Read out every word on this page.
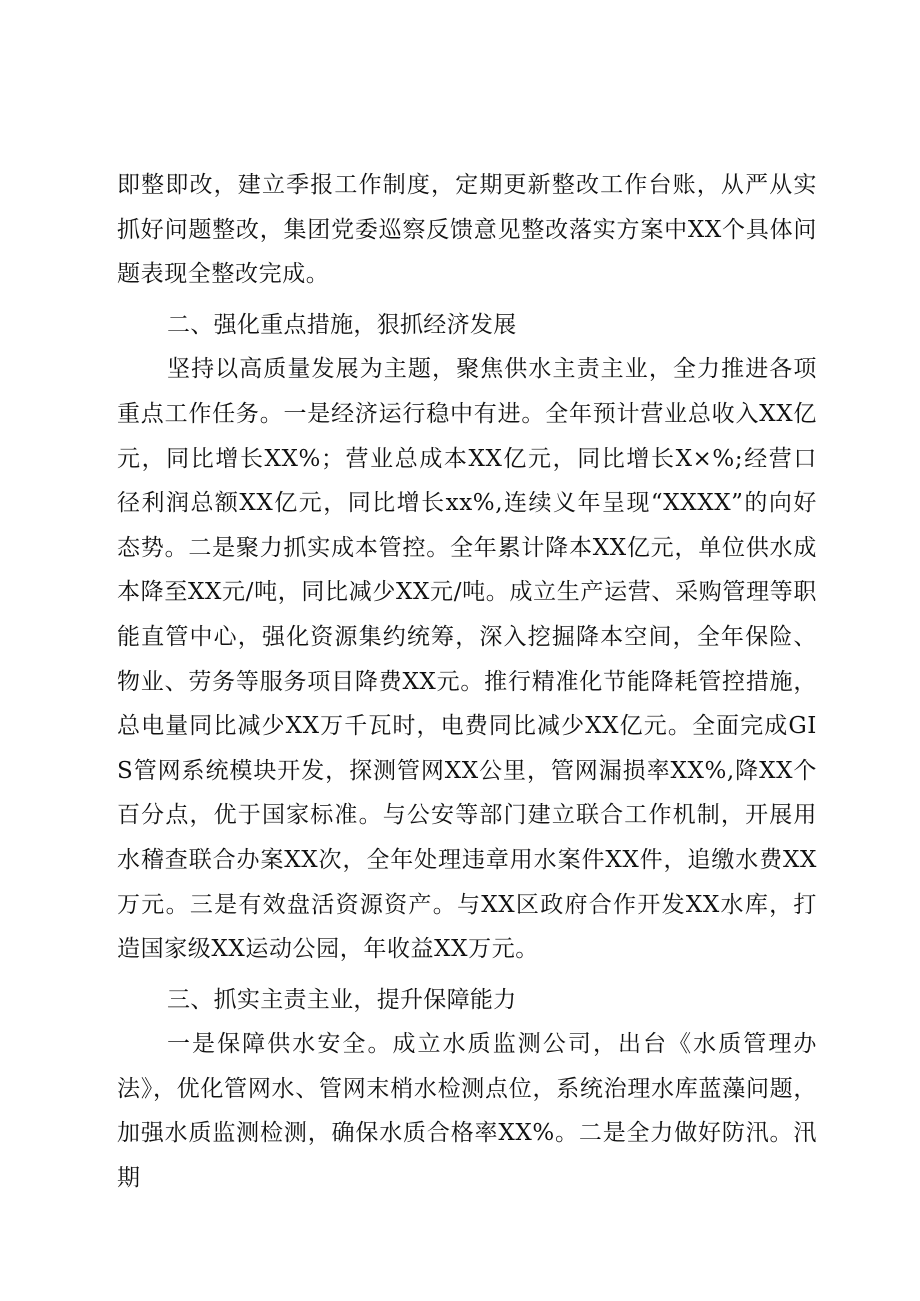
即整即改，建立季报工作制度，定期更新整改工作台账，从严从实抓好问题整改，集团党委巡察反馈意见整改落实方案中XX个具体问题表现全整改完成。

二、强化重点措施，狠抓经济发展

坚持以高质量发展为主题，聚焦供水主责主业，全力推进各项重点工作任务。一是经济运行稳中有进。全年预计营业总收入XX亿元，同比增长XX%；营业总成本XX亿元，同比增长X×%;经营口径利润总额XX亿元，同比增长xx%,连续义年呈现“XXXX”的向好态势。二是聚力抓实成本管控。全年累计降本XX亿元，单位供水成本降至XX元/吨，同比减少XX元/吨。成立生产运营、采购管理等职能直管中心，强化资源集约统筹，深入挖掘降本空间，全年保险、物业、劳务等服务项目降费XX元。推行精准化节能降耗管控措施，总电量同比减少XX万千瓦时，电费同比减少XX亿元。全面完成GIS管网系统模块开发，探测管网XX公里，管网漏损率XX%,降XX个百分点，优于国家标准。与公安等部门建立联合工作机制，开展用水稽查联合办案XX次，全年处理违章用水案件XX件，追缴水费XX万元。三是有效盘活资源资产。与XX区政府合作开发XX水库，打造国家级XX运动公园，年收益XX万元。

三、抓实主责主业，提升保障能力

一是保障供水安全。成立水质监测公司，出台《水质管理办法》，优化管网水、管网末梢水检测点位，系统治理水库蓝藻问题，加强水质监测检测，确保水质合格率XX%。二是全力做好防汛。汛期
